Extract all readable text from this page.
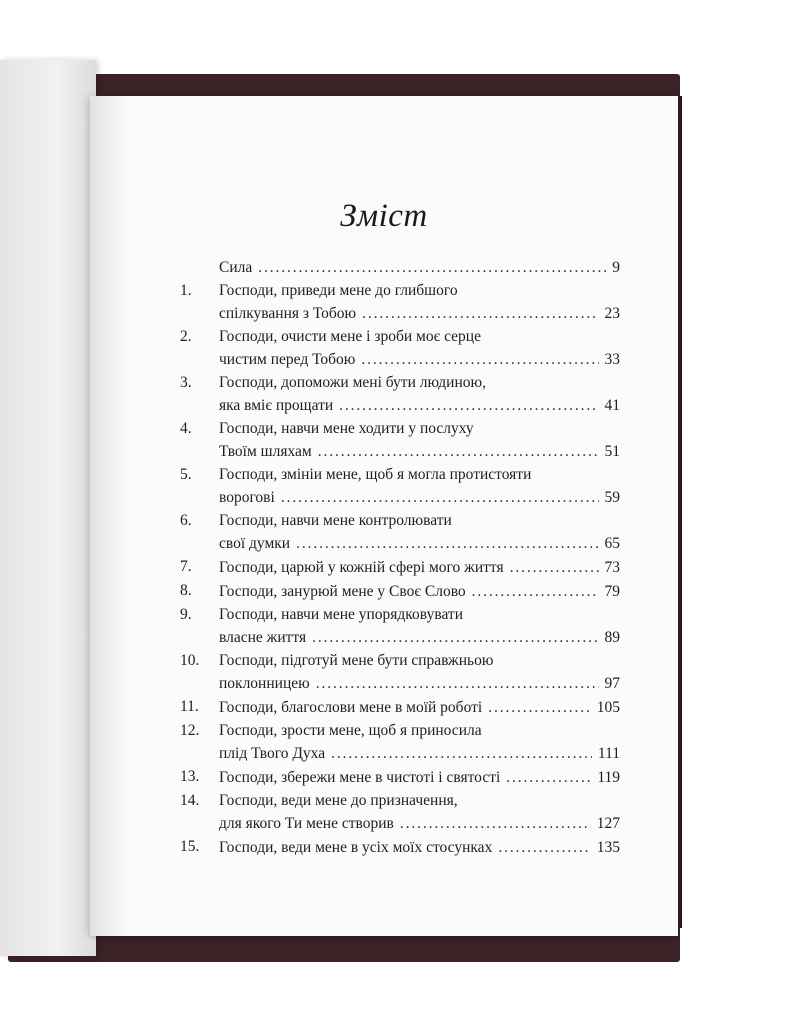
Зміст
Сила . . .	9
1. Господи, приведи мене до глибшого
спілкування з Тобою . . .	23
2. Господи, очисти мене і зроби моє серце
чистим перед Тобою . . .	33
3. Господи, допоможи мені бути людиною,
яка вміє прощати . . .	41
4. Господи, навчи мене ходити у послуху
Твоїм шляхам . . .	51
5. Господи, змініи мене, щоб я могла протистояти
ворогові . . .	59
6. Господи, навчи мене контролювати
свої думки . . .	65
7. Господи, царюй у кожній сфері мого життя . . .	73
8. Господи, занурюй мене у Своє Слово . . .	79
9. Господи, навчи мене упорядковувати
власне життя . . .	89
10. Господи, підготуй мене бути справжньою
поклонницею . . .	97
11. Господи, благослови мене в моїй роботі . . .	105
12. Господи, зрости мене, щоб я приносила
плід Твого Духа . . .	111
13. Господи, збережи мене в чистоті і святості . . .	119
14. Господи, веди мене до призначення,
для якого Ти мене створив . . .	127
15. Господи, веди мене в усіх моїх стосунках . . .	135
